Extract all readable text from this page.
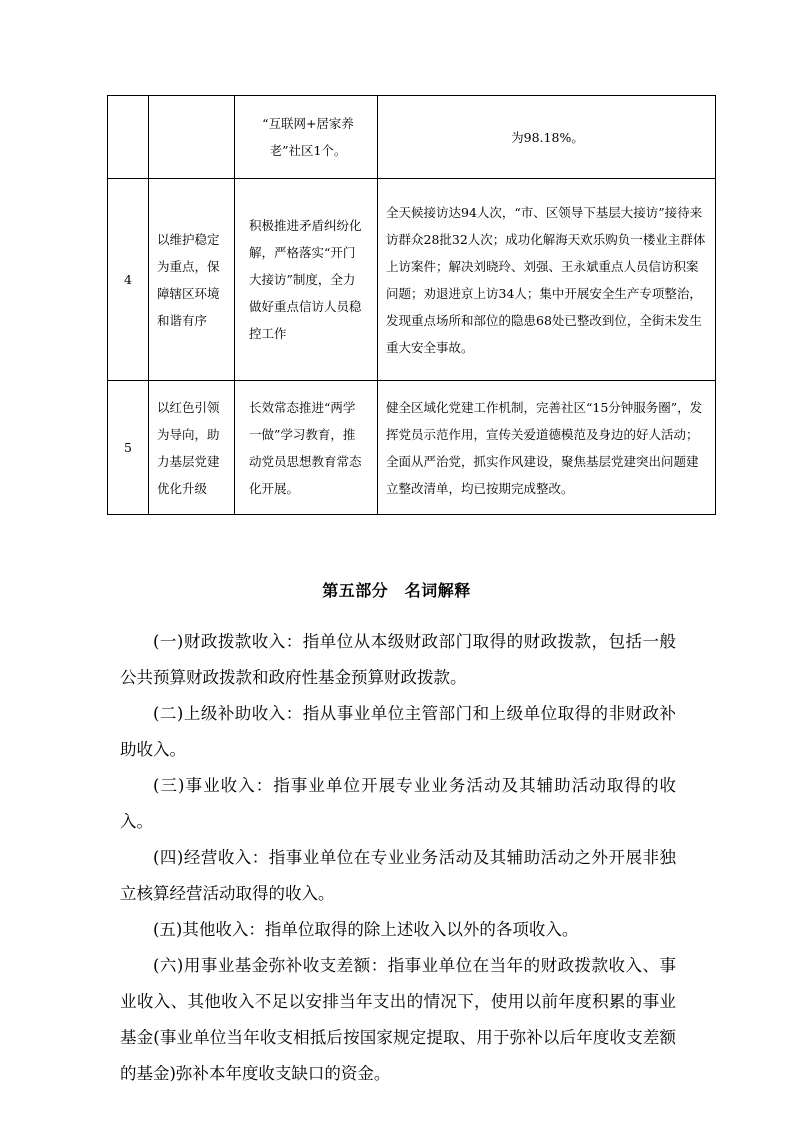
		“互联网+居家养老”社区1个。	为98.18%。
4	以维护稳定为重点，保障辖区环境和谐有序	积极推进矛盾纠纷化解，严格落实“开门大接访”制度，全力做好重点信访人员稳控工作	全天候接访达94人次，“市、区领导下基层大接访”接待来访群众28批32人次；成功化解海天欢乐购负一楼业主群体上访案件；解决刘晓玲、刘强、王永斌重点人员信访积案问题；劝退进京上访34人；集中开展安全生产专项整治，发现重点场所和部位的隐患68处已整改到位，全街未发生重大安全事故。
5	以红色引领为导向，助力基层党建优化升级	长效常态推进“两学一做”学习教育，推动党员思想教育常态化开展。	健全区域化党建工作机制，完善社区“15分钟服务圈”，发挥党员示范作用，宣传关爱道德模范及身边的好人活动；全面从严治党，抓实作风建设，聚焦基层党建突出问题建立整改清单，均已按期完成整改。
第五部分　名词解释

(一)财政拨款收入：指单位从本级财政部门取得的财政拨款，包括一般公共预算财政拨款和政府性基金预算财政拨款。

(二)上级补助收入：指从事业单位主管部门和上级单位取得的非财政补助收入。

(三)事业收入：指事业单位开展专业业务活动及其辅助活动取得的收入。

(四)经营收入：指事业单位在专业业务活动及其辅助活动之外开展非独立核算经营活动取得的收入。

(五)其他收入：指单位取得的除上述收入以外的各项收入。

(六)用事业基金弥补收支差额：指事业单位在当年的财政拨款收入、事业收入、其他收入不足以安排当年支出的情况下，使用以前年度积累的事业基金(事业单位当年收支相抵后按国家规定提取、用于弥补以后年度收支差额的基金)弥补本年度收支缺口的资金。
